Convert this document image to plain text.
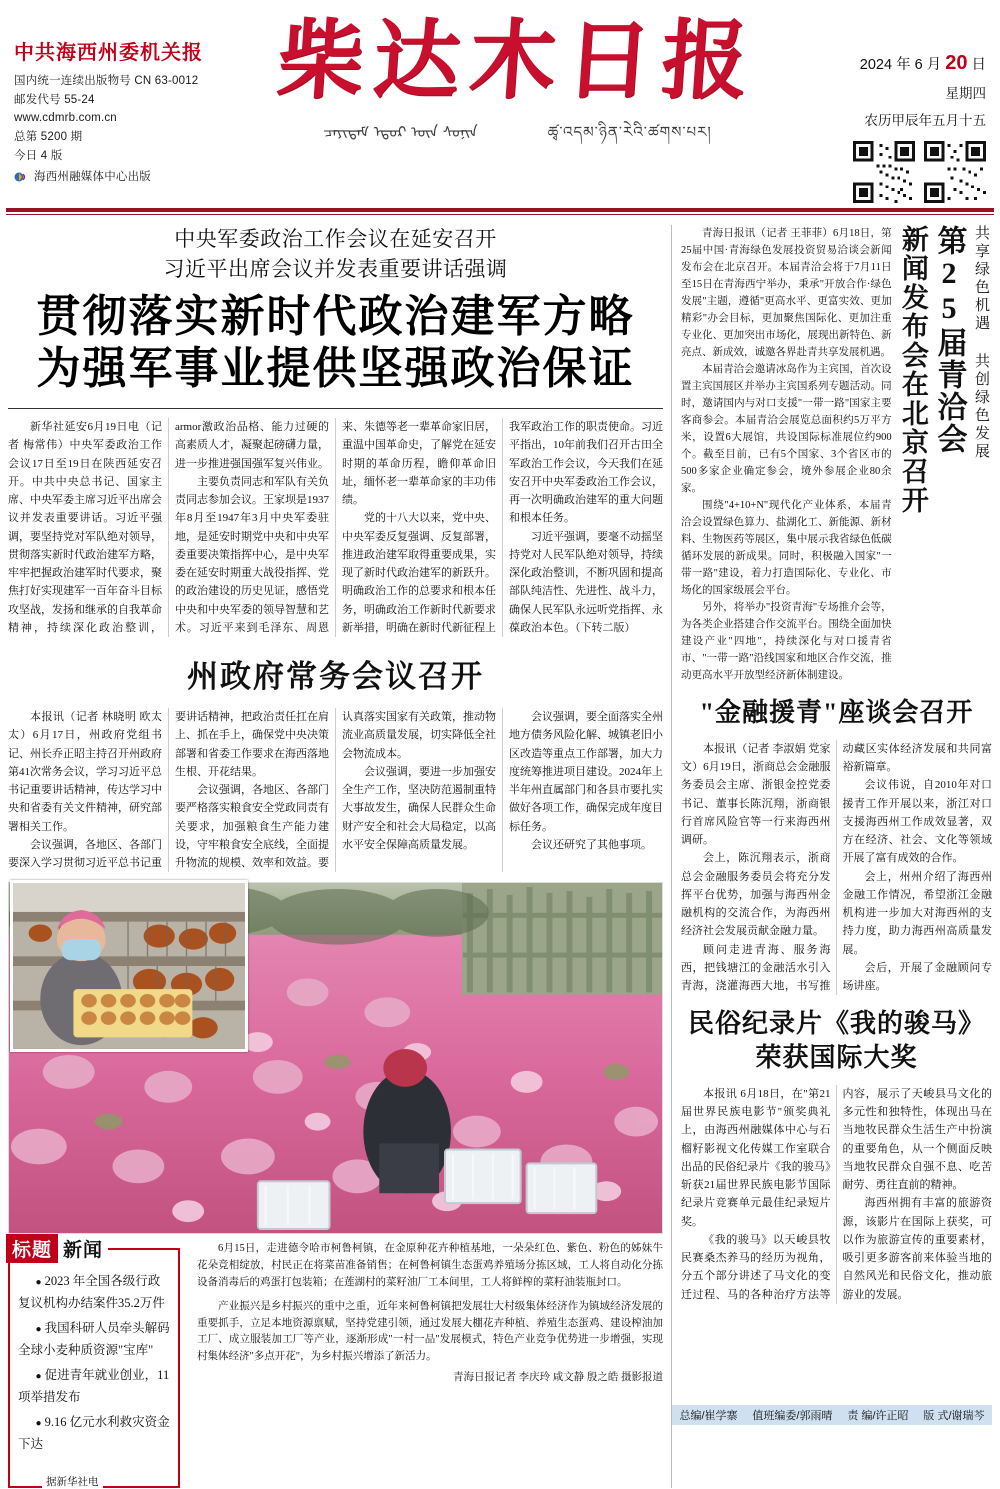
中共海西州委机关报
国内统一连续出版物号 CN 63-0012
邮发代号 55-24
www.cdmrb.com.cn
总第 5200 期
今日 4 版
海西州融媒体中心出版
柴达木日报
ᠴᠠᠶᠢᠳᠠᠮ ᠡᠳᠦᠷ ᠦᠨ ᠰᠣᠨᠢᠨ	ཚྭ་འདམ་ཉིན་རེའི་ཚགས་པར།
2024 年 6 月 20 日
星期四
农历甲辰年五月十五
中央军委政治工作会议在延安召开
习近平出席会议并发表重要讲话强调
贯彻落实新时代政治建军方略
为强军事业提供坚强政治保证

新华社延安6月19日电（记者 梅常伟）中央军委政治工作会议17日至19日在陕西延安召开。中共中央总书记、国家主席、中央军委主席习近平出席会议并发表重要讲话。习近平强调，要坚持党对军队绝对领导，贯彻落实新时代政治建军方略，牢牢把握政治建军时代要求，聚焦打好实现建军一百年奋斗目标攻坚战，发扬和继承的自我革命精神，持续深化政治整训，armor激政治品格、能力过硬的高素质人才，凝聚起磅礴力量，进一步推进强国强军复兴伟业。

主要负责同志和军队有关负责同志参加会议。王家坝是1937年8月至1947年3月中央军委驻地，是延安时期党中央和中央军委重要决策指挥中心，是中央军委在延安时期重大战役指挥、党的政治建设的历史见证，感悟党中央和中央军委的领导智慧和艺术。习近平来到毛泽东、周恩来、朱德等老一辈革命家旧居，重温中国革命史，了解党在延安时期的革命历程，瞻仰革命旧址，缅怀老一辈革命家的丰功伟绩。

党的十八大以来，党中央、中央军委反复强调、反复部署，推进政治建军取得重要成果，实现了新时代政治建军的新跃升。明确政治工作的总要求和根本任务，明确政治工作新时代新要求新举措，明确在新时代新征程上我军政治工作的职责使命。习近平指出，10年前我们召开古田全军政治工作会议，今天我们在延安召开中央军委政治工作会议，再一次明确政治建军的重大问题和根本任务。

习近平强调，要毫不动摇坚持党对人民军队绝对领导，持续深化政治整训，不断巩固和提高部队纯洁性、先进性、战斗力，确保人民军队永远听党指挥、永葆政治本色。（下转二版）

州政府常务会议召开

本报讯（记者 林晓明 欧太太）6月17日，州政府党组书记、州长乔正昭主持召开州政府第41次常务会议，学习习近平总书记重要讲话精神，传达学习中央和省委有关文件精神，研究部署相关工作。

会议强调，各地区、各部门要深入学习贯彻习近平总书记重要讲话精神，把政治责任扛在肩上、抓在手上，确保党中央决策部署和省委工作要求在海西落地生根、开花结果。

会议强调，各地区、各部门要严格落实粮食安全党政同责有关要求，加强粮食生产能力建设，守牢粮食安全底线，全面提升物流的规模、效率和效益。要认真落实国家有关政策，推动物流业高质量发展，切实降低全社会物流成本。

会议强调，要进一步加强安全生产工作，坚决防范遏制重特大事故发生，确保人民群众生命财产安全和社会大局稳定，以高水平安全保障高质量发展。

会议强调，要全面落实全州地方债务风险化解、城镇老旧小区改造等重点工作部署，加大力度统筹推进项目建设。2024年上半年州直属部门和各县市要扎实做好各项工作，确保完成年度目标任务。

会议还研究了其他事项。

标题 新闻
● 2023 年全国各级行政复议机构办结案件35.2万件
● 我国科研人员牵头解码全球小麦种质资源"宝库"
● 促进青年就业创业，11项举措发布
● 9.16 亿元水利救灾资金下达
据新华社电

6月15日，走进德令哈市柯鲁柯镇，在金原种花卉种植基地，一朵朵红色、紫色、粉色的姊妹牛花朵竞相绽放，村民正在将菜苗准备销售；在柯鲁柯镇生态蛋鸡养殖场分拣区域，工人将自动化分拣设备消毒后的鸡蛋打包装箱；在莲湖村的菜籽油厂工本间里，工人将鲜榨的菜籽油装瓶封口。

产业振兴是乡村振兴的重中之重，近年来柯鲁柯镇把发展壮大村级集体经济作为镇域经济发展的重要抓手，立足本地资源禀赋，坚持党建引领，通过发展大棚花卉种植、养殖生态蛋鸡、建设榨油加工厂、成立服装加工厂等产业，逐渐形成"一村一品"发展模式，特色产业竞争优势进一步增强，实现村集体经济"多点开花"，为乡村振兴增添了新活力。

青海日报记者 李庆玲 咸文静 殷之皓 摄影报道

青海日报讯（记者 王菲菲）6月18日，第25届中国·青海绿色发展投资贸易洽谈会新闻发布会在北京召开。本届青洽会将于7月11日至15日在青海西宁举办，秉承"开放合作·绿色发展"主题，遵循"更高水平、更富实效、更加精彩"办会目标，更加聚焦国际化、更加注重专业化、更加突出市场化，展现出新特色、新亮点、新成效，诚邀各界赴青共享发展机遇。

本届青洽会邀请冰岛作为主宾国，首次设置主宾国展区并举办主宾国系列专题活动。同时，邀请国内与对口支援"一带一路"国家主要客商参会。本届青洽会展览总面积约5万平方米，设置6大展馆，共设国际标准展位约900个。截至目前，已有5个国家、3个省区市的500多家企业确定参会，境外参展企业80余家。

围绕"4+10+N"现代化产业体系，本届青洽会设置绿色算力、盐湖化工、新能源、新材料、生物医药等展区，集中展示我省绿色低碳循环发展的新成果。同时，积极融入国家"一带一路"建设，着力打造国际化、专业化、市场化的国家级展会平台。

另外，将举办"投资青海"专场推介会等，为各类企业搭建合作交流平台。围绕全面加快建设产业"四地"，持续深化与对口援青省市、"一带一路"沿线国家和地区合作交流，推动更高水平开放型经济新体制建设。

共享绿色机遇 共创绿色发展
第25届青洽会
新闻发布会在北京召开
"金融援青"座谈会召开

本报讯（记者 李淑娟 党家文）6月19日，浙商总会金融服务委员会主席、浙银金控党委书记、董事长陈沉翔，浙商银行首席风险官等一行来海西州调研。

会上，陈沉翔表示，浙商总会金融服务委员会将充分发挥平台优势，加强与海西州金融机构的交流合作，为海西州经济社会发展贡献金融力量。

顾问走进青海、服务海西，把钱塘江的金融活水引入青海，浇灌海西大地，书写推动藏区实体经济发展和共同富裕新篇章。

会议伟说，自2010年对口援青工作开展以来，浙江对口支援海西州工作成效显著，双方在经济、社会、文化等领域开展了富有成效的合作。

会上，州州介绍了海西州金融工作情况，希望浙江金融机构进一步加大对海西州的支持力度，助力海西州高质量发展。

会后，开展了金融顾问专场讲座。

民俗纪录片《我的骏马》
荣获国际大奖

本报讯 6月18日，在"第21届世界民族电影节"颁奖典礼上，由海西州融媒体中心与石榴籽影视文化传媒工作室联合出品的民俗纪录片《我的骏马》斩获21届世界民族电影节国际纪录片竞赛单元最佳纪录短片奖。

《我的骏马》以天峻县牧民赛桑杰养马的经历为视角，分五个部分讲述了马文化的变迁过程、马的各种治疗方法等内容，展示了天峻县马文化的多元性和独特性，体现出马在当地牧民群众生活生产中扮演的重要角色，从一个侧面反映当地牧民群众自强不息、吃苦耐劳、勇往直前的精神。

海西州拥有丰富的旅游资源，该影片在国际上获奖，可以作为旅游宣传的重要素材，吸引更多游客前来体验当地的自然风光和民俗文化，推动旅游业的发展。

总编/崔学寨 值班编委/郭雨晴 责 编/许正昭 版 式/谢瑞芩
